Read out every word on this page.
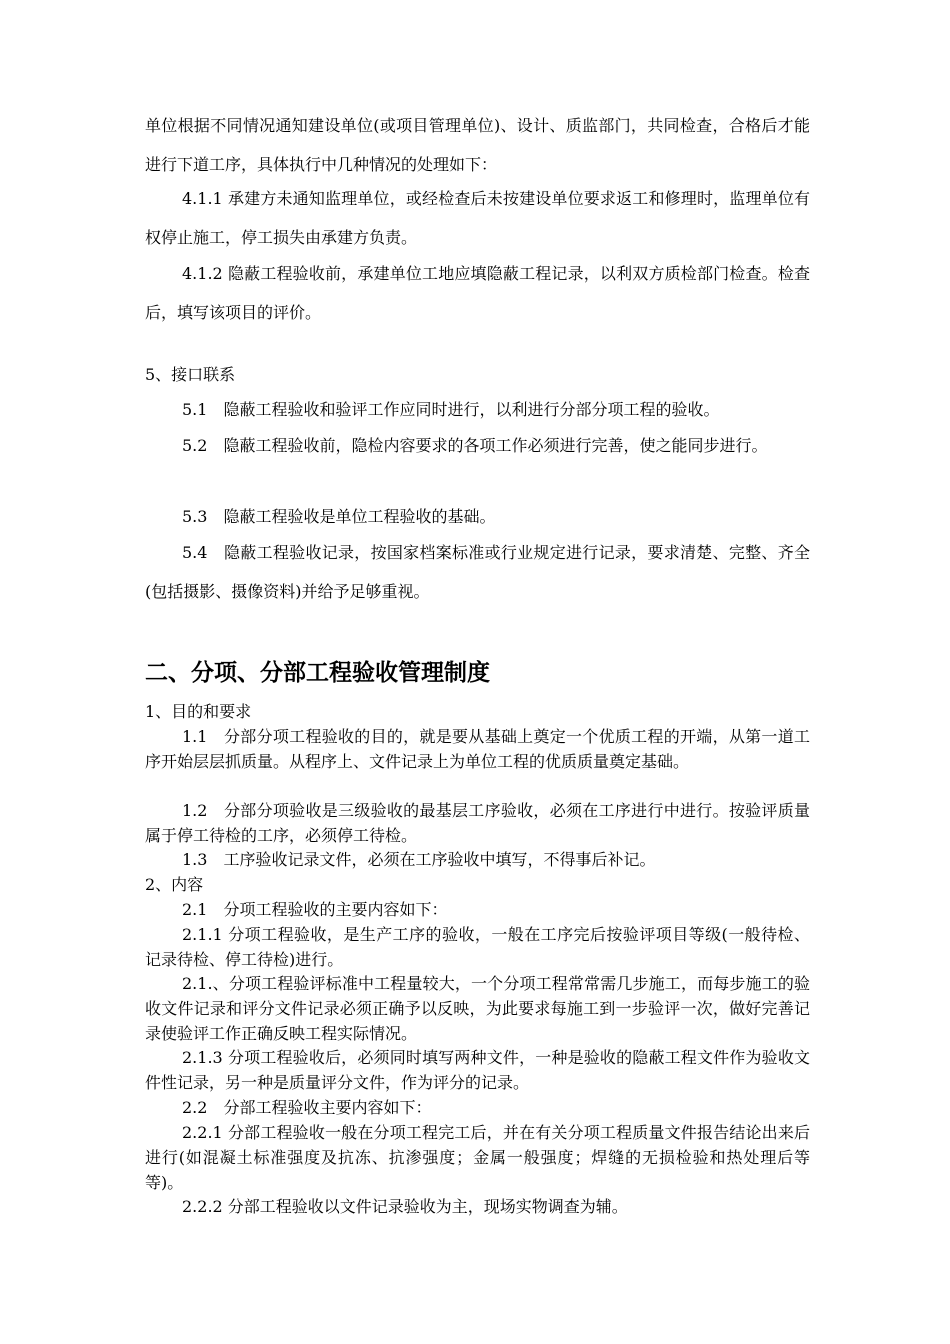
单位根据不同情况通知建设单位(或项目管理单位)、设计、质监部门，共同检查，合格后才能进行下道工序，具体执行中几种情况的处理如下：

4.1.1 承建方未通知监理单位，或经检查后未按建设单位要求返工和修理时，监理单位有权停止施工，停工损失由承建方负责。

4.1.2 隐蔽工程验收前，承建单位工地应填隐蔽工程记录，以利双方质检部门检查。检查后，填写该项目的评价。

5、接口联系

5.1　隐蔽工程验收和验评工作应同时进行，以利进行分部分项工程的验收。

5.2　隐蔽工程验收前，隐检内容要求的各项工作必须进行完善，使之能同步进行。

5.3　隐蔽工程验收是单位工程验收的基础。

5.4　隐蔽工程验收记录，按国家档案标准或行业规定进行记录，要求清楚、完整、齐全(包括摄影、摄像资料)并给予足够重视。

二、分项、分部工程验收管理制度

1、目的和要求

1.1　分部分项工程验收的目的，就是要从基础上奠定一个优质工程的开端，从第一道工序开始层层抓质量。从程序上、文件记录上为单位工程的优质质量奠定基础。

1.2　分部分项验收是三级验收的最基层工序验收，必须在工序进行中进行。按验评质量属于停工待检的工序，必须停工待检。

1.3　工序验收记录文件，必须在工序验收中填写，不得事后补记。

2、内容

2.1　分项工程验收的主要内容如下：

2.1.1 分项工程验收，是生产工序的验收，一般在工序完后按验评项目等级(一般待检、记录待检、停工待检)进行。

2.1.、分项工程验评标准中工程量较大，一个分项工程常常需几步施工，而每步施工的验收文件记录和评分文件记录必须正确予以反映，为此要求每施工到一步验评一次，做好完善记录使验评工作正确反映工程实际情况。

2.1.3 分项工程验收后，必须同时填写两种文件，一种是验收的隐蔽工程文件作为验收文件性记录，另一种是质量评分文件，作为评分的记录。

2.2　分部工程验收主要内容如下：

2.2.1 分部工程验收一般在分项工程完工后，并在有关分项工程质量文件报告结论出来后进行(如混凝土标准强度及抗冻、抗渗强度；金属一般强度；焊缝的无损检验和热处理后等等)。

2.2.2 分部工程验收以文件记录验收为主，现场实物调查为辅。
